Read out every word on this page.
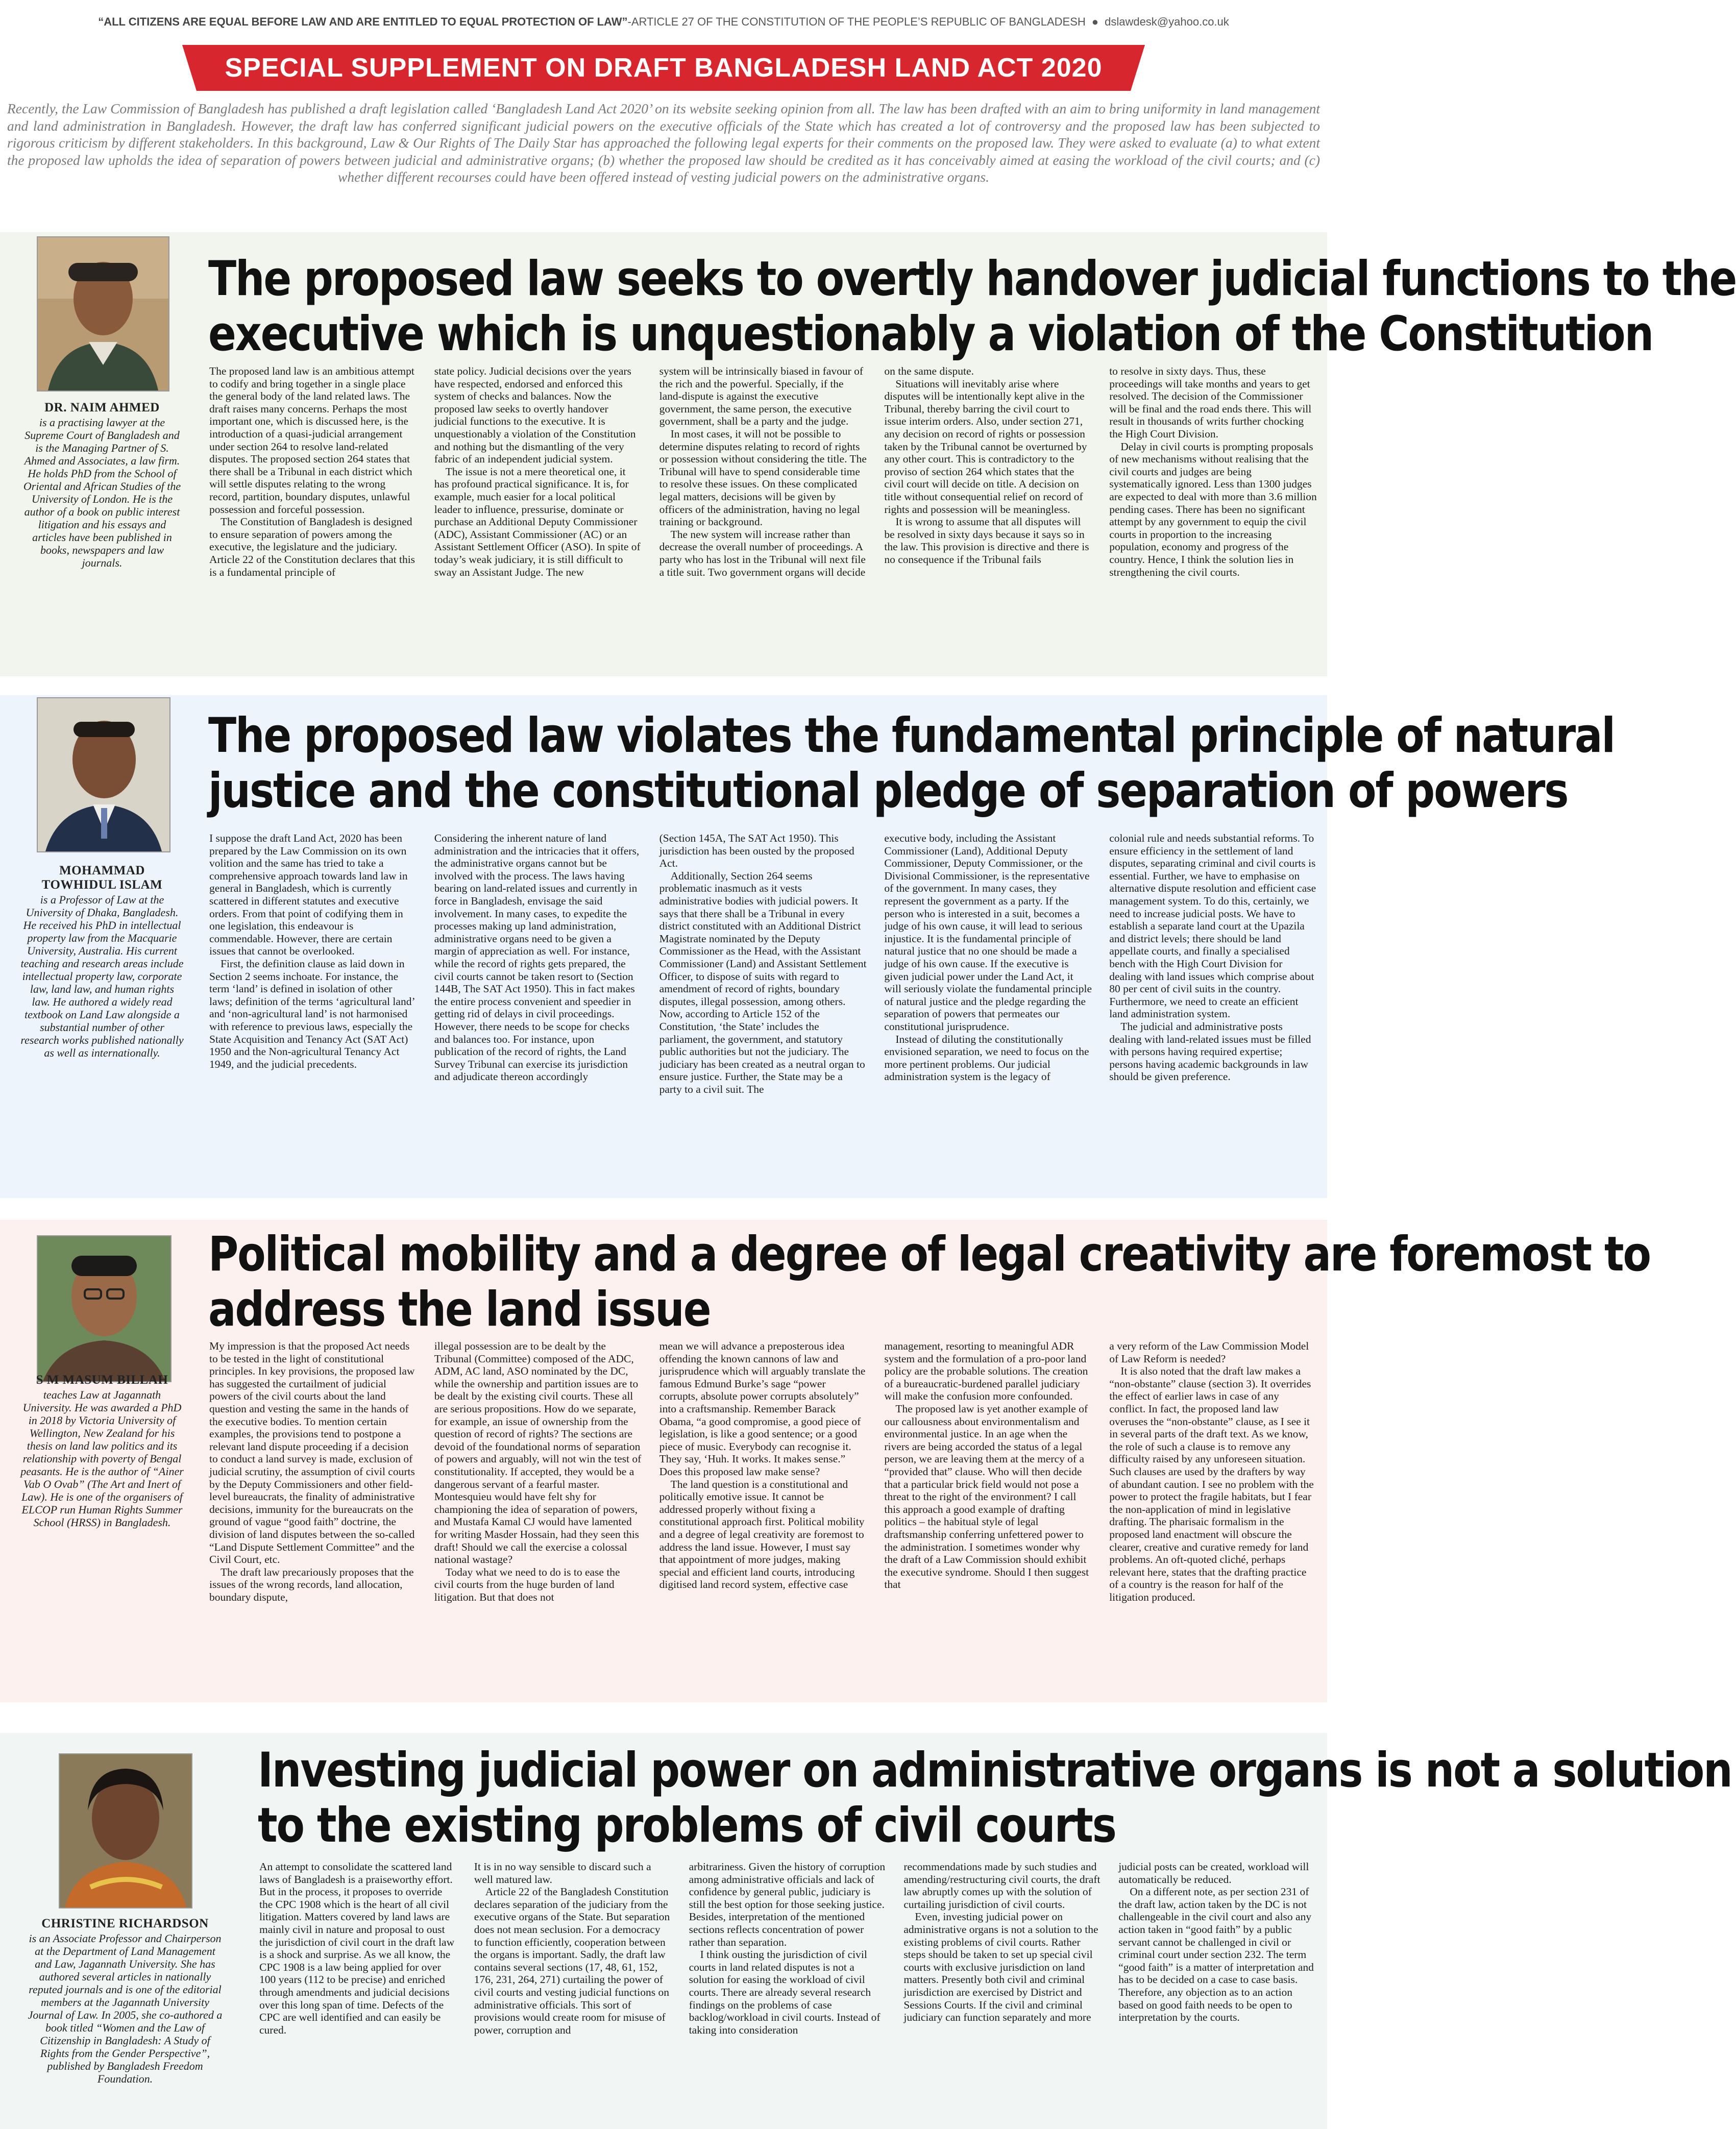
“ALL CITIZENS ARE EQUAL BEFORE LAW AND ARE ENTITLED TO EQUAL PROTECTION OF LAW”-ARTICLE 27 OF THE CONSTITUTION OF THE PEOPLE’S REPUBLIC OF BANGLADESH ● dslawdesk@yahoo.co.uk
SPECIAL SUPPLEMENT ON DRAFT BANGLADESH LAND ACT 2020
Recently, the Law Commission of Bangladesh has published a draft legislation called ‘Bangladesh Land Act 2020’ on its website seeking opinion from all. The law has been drafted with an aim to bring uniformity in land management and land administration in Bangladesh. However, the draft law has conferred significant judicial powers on the executive officials of the State which has created a lot of controversy and the proposed law has been subjected to rigorous criticism by different stakeholders. In this background, Law & Our Rights of The Daily Star has approached the following legal experts for their comments on the proposed law. They were asked to evaluate (a) to what extent the proposed law upholds the idea of separation of powers between judicial and administrative organs; (b) whether the proposed law should be credited as it has conceivably aimed at easing the workload of the civil courts; and (c) whether different recourses could have been offered instead of vesting judicial powers on the administrative organs.
DR. NAIM AHMED
is a practising lawyer at the Supreme Court of Bangladesh and is the Managing Partner of S. Ahmed and Associates, a law firm. He holds PhD from the School of Oriental and African Studies of the University of London. He is the author of a book on public interest litigation and his essays and articles have been published in books, newspapers and law journals.
The proposed law seeks to overtly handover judicial functions to the
executive which is unquestionably a violation of the Constitution

The proposed land law is an ambitious attempt to codify and bring together in a single place the general body of the land related laws. The draft raises many concerns. Perhaps the most important one, which is discussed here, is the introduction of a quasi-judicial arrangement under section 264 to resolve land-related disputes. The proposed section 264 states that there shall be a Tribunal in each district which will settle disputes relating to the wrong record, partition, boundary disputes, unlawful possession and forceful possession.

The Constitution of Bangladesh is designed to ensure separation of powers among the executive, the legislature and the judiciary. Article 22 of the Constitution declares that this is a fundamental principle of

state policy. Judicial decisions over the years have respected, endorsed and enforced this system of checks and balances. Now the proposed law seeks to overtly handover judicial functions to the executive. It is unquestionably a violation of the Constitution and nothing but the dismantling of the very fabric of an independent judicial system.

The issue is not a mere theoretical one, it has profound practical significance. It is, for example, much easier for a local political leader to influence, pressurise, dominate or purchase an Additional Deputy Commissioner (ADC), Assistant Commissioner (AC) or an Assistant Settlement Officer (ASO). In spite of today’s weak judiciary, it is still difficult to sway an Assistant Judge. The new

system will be intrinsically biased in favour of the rich and the powerful. Specially, if the land-dispute is against the executive government, the same person, the executive government, shall be a party and the judge.

In most cases, it will not be possible to determine disputes relating to record of rights or possession without considering the title. The Tribunal will have to spend considerable time to resolve these issues. On these complicated legal matters, decisions will be given by officers of the administration, having no legal training or background.

The new system will increase rather than decrease the overall number of proceedings. A party who has lost in the Tribunal will next file a title suit. Two government organs will decide

on the same dispute.

Situations will inevitably arise where disputes will be intentionally kept alive in the Tribunal, thereby barring the civil court to issue interim orders. Also, under section 271, any decision on record of rights or possession taken by the Tribunal cannot be overturned by any other court. This is contradictory to the proviso of section 264 which states that the civil court will decide on title. A decision on title without consequential relief on record of rights and possession will be meaningless.

It is wrong to assume that all disputes will be resolved in sixty days because it says so in the law. This provision is directive and there is no consequence if the Tribunal fails

to resolve in sixty days. Thus, these proceedings will take months and years to get resolved. The decision of the Commissioner will be final and the road ends there. This will result in thousands of writs further chocking the High Court Division.

Delay in civil courts is prompting proposals of new mechanisms without realising that the civil courts and judges are being systematically ignored. Less than 1300 judges are expected to deal with more than 3.6 million pending cases. There has been no significant attempt by any government to equip the civil courts in proportion to the increasing population, economy and progress of the country. Hence, I think the solution lies in strengthening the civil courts.

MOHAMMAD TOWHIDUL ISLAM
is a Professor of Law at the University of Dhaka, Bangladesh. He received his PhD in intellectual property law from the Macquarie University, Australia. His current teaching and research areas include intellectual property law, corporate law, land law, and human rights law. He authored a widely read textbook on Land Law alongside a substantial number of other research works published nationally as well as internationally.
The proposed law violates the fundamental principle of natural
justice and the constitutional pledge of separation of powers

I suppose the draft Land Act, 2020 has been prepared by the Law Commission on its own volition and the same has tried to take a comprehensive approach towards land law in general in Bangladesh, which is currently scattered in different statutes and executive orders. From that point of codifying them in one legislation, this endeavour is commendable. However, there are certain issues that cannot be overlooked.

First, the definition clause as laid down in Section 2 seems inchoate. For instance, the term ‘land’ is defined in isolation of other laws; definition of the terms ‘agricultural land’ and ‘non-agricultural land’ is not harmonised with reference to previous laws, especially the State Acquisition and Tenancy Act (SAT Act) 1950 and the Non-agricultural Tenancy Act 1949, and the judicial precedents.

Considering the inherent nature of land administration and the intricacies that it offers, the administrative organs cannot but be involved with the process. The laws having bearing on land-related issues and currently in force in Bangladesh, envisage the said involvement. In many cases, to expedite the processes making up land administration, administrative organs need to be given a margin of appreciation as well. For instance, while the record of rights gets prepared, the civil courts cannot be taken resort to (Section 144B, The SAT Act 1950). This in fact makes the entire process convenient and speedier in getting rid of delays in civil proceedings. However, there needs to be scope for checks and balances too. For instance, upon publication of the record of rights, the Land Survey Tribunal can exercise its jurisdiction and adjudicate thereon accordingly

(Section 145A, The SAT Act 1950). This jurisdiction has been ousted by the proposed Act.

Additionally, Section 264 seems problematic inasmuch as it vests administrative bodies with judicial powers. It says that there shall be a Tribunal in every district constituted with an Additional District Magistrate nominated by the Deputy Commissioner as the Head, with the Assistant Commissioner (Land) and Assistant Settlement Officer, to dispose of suits with regard to amendment of record of rights, boundary disputes, illegal possession, among others. Now, according to Article 152 of the Constitution, ‘the State’ includes the parliament, the government, and statutory public authorities but not the judiciary. The judiciary has been created as a neutral organ to ensure justice. Further, the State may be a party to a civil suit. The

executive body, including the Assistant Commissioner (Land), Additional Deputy Commissioner, Deputy Commissioner, or the Divisional Commissioner, is the representative of the government. In many cases, they represent the government as a party. If the person who is interested in a suit, becomes a judge of his own cause, it will lead to serious injustice. It is the fundamental principle of natural justice that no one should be made a judge of his own cause. If the executive is given judicial power under the Land Act, it will seriously violate the fundamental principle of natural justice and the pledge regarding the separation of powers that permeates our constitutional jurisprudence.

Instead of diluting the constitutionally envisioned separation, we need to focus on the more pertinent problems. Our judicial administration system is the legacy of

colonial rule and needs substantial reforms. To ensure efficiency in the settlement of land disputes, separating criminal and civil courts is essential. Further, we have to emphasise on alternative dispute resolution and efficient case management system. To do this, certainly, we need to increase judicial posts. We have to establish a separate land court at the Upazila and district levels; there should be land appellate courts, and finally a specialised bench with the High Court Division for dealing with land issues which comprise about 80 per cent of civil suits in the country. Furthermore, we need to create an efficient land administration system.

The judicial and administrative posts dealing with land-related issues must be filled with persons having required expertise; persons having academic backgrounds in law should be given preference.

S M MASUM BILLAH
teaches Law at Jagannath University. He was awarded a PhD in 2018 by Victoria University of Wellington, New Zealand for his thesis on land law politics and its relationship with poverty of Bengal peasants. He is the author of “Ainer Vab O Ovab” (The Art and Inert of Law). He is one of the organisers of ELCOP run Human Rights Summer School (HRSS) in Bangladesh.
Political mobility and a degree of legal creativity are foremost to
address the land issue

My impression is that the proposed Act needs to be tested in the light of constitutional principles. In key provisions, the proposed law has suggested the curtailment of judicial powers of the civil courts about the land question and vesting the same in the hands of the executive bodies. To mention certain examples, the provisions tend to postpone a relevant land dispute proceeding if a decision to conduct a land survey is made, exclusion of judicial scrutiny, the assumption of civil courts by the Deputy Commissioners and other field-level bureaucrats, the finality of administrative decisions, immunity for the bureaucrats on the ground of vague “good faith” doctrine, the division of land disputes between the so-called “Land Dispute Settlement Committee” and the Civil Court, etc.

The draft law precariously proposes that the issues of the wrong records, land allocation, boundary dispute,

illegal possession are to be dealt by the Tribunal (Committee) composed of the ADC, ADM, AC land, ASO nominated by the DC, while the ownership and partition issues are to be dealt by the existing civil courts. These all are serious propositions. How do we separate, for example, an issue of ownership from the question of record of rights? The sections are devoid of the foundational norms of separation of powers and arguably, will not win the test of constitutionality. If accepted, they would be a dangerous servant of a fearful master. Montesquieu would have felt shy for championing the idea of separation of powers, and Mustafa Kamal CJ would have lamented for writing Masder Hossain, had they seen this draft! Should we call the exercise a colossal national wastage?

Today what we need to do is to ease the civil courts from the huge burden of land litigation. But that does not

mean we will advance a preposterous idea offending the known cannons of law and jurisprudence which will arguably translate the famous Edmund Burke’s sage “power corrupts, absolute power corrupts absolutely” into a craftsmanship. Remember Barack Obama, “a good compromise, a good piece of legislation, is like a good sentence; or a good piece of music. Everybody can recognise it. They say, ‘Huh. It works. It makes sense.” Does this proposed law make sense?

The land question is a constitutional and politically emotive issue. It cannot be addressed properly without fixing a constitutional approach first. Political mobility and a degree of legal creativity are foremost to address the land issue. However, I must say that appointment of more judges, making special and efficient land courts, introducing digitised land record system, effective case

management, resorting to meaningful ADR system and the formulation of a pro-poor land policy are the probable solutions. The creation of a bureaucratic-burdened parallel judiciary will make the confusion more confounded.

The proposed law is yet another example of our callousness about environmentalism and environmental justice. In an age when the rivers are being accorded the status of a legal person, we are leaving them at the mercy of a “provided that” clause. Who will then decide that a particular brick field would not pose a threat to the right of the environment? I call this approach a good example of drafting politics – the habitual style of legal draftsmanship conferring unfettered power to the administration. I sometimes wonder why the draft of a Law Commission should exhibit the executive syndrome. Should I then suggest that

a very reform of the Law Commission Model of Law Reform is needed?

It is also noted that the draft law makes a “non-obstante” clause (section 3). It overrides the effect of earlier laws in case of any conflict. In fact, the proposed land law overuses the “non-obstante” clause, as I see it in several parts of the draft text. As we know, the role of such a clause is to remove any difficulty raised by any unforeseen situation. Such clauses are used by the drafters by way of abundant caution. I see no problem with the power to protect the fragile habitats, but I fear the non-application of mind in legislative drafting. The pharisaic formalism in the proposed land enactment will obscure the clearer, creative and curative remedy for land problems. An oft-quoted cliché, perhaps relevant here, states that the drafting practice of a country is the reason for half of the litigation produced.

CHRISTINE RICHARDSON
is an Associate Professor and Chairperson at the Department of Land Management and Law, Jagannath University. She has authored several articles in nationally reputed journals and is one of the editorial members at the Jagannath University Journal of Law. In 2005, she co-authored a book titled “Women and the Law of Citizenship in Bangladesh: A Study of Rights from the Gender Perspective”, published by Bangladesh Freedom Foundation.
Investing judicial power on administrative organs is not a solution
to the existing problems of civil courts

An attempt to consolidate the scattered land laws of Bangladesh is a praiseworthy effort. But in the process, it proposes to override the CPC 1908 which is the heart of all civil litigation. Matters covered by land laws are mainly civil in nature and proposal to oust the jurisdiction of civil court in the draft law is a shock and surprise. As we all know, the CPC 1908 is a law being applied for over 100 years (112 to be precise) and enriched through amendments and judicial decisions over this long span of time. Defects of the CPC are well identified and can easily be cured.

It is in no way sensible to discard such a well matured law.

Article 22 of the Bangladesh Constitution declares separation of the judiciary from the executive organs of the State. But separation does not mean seclusion. For a democracy to function efficiently, cooperation between the organs is important. Sadly, the draft law contains several sections (17, 48, 61, 152, 176, 231, 264, 271) curtailing the power of civil courts and vesting judicial functions on administrative officials. This sort of provisions would create room for misuse of power, corruption and

arbitrariness. Given the history of corruption among administrative officials and lack of confidence by general public, judiciary is still the best option for those seeking justice. Besides, interpretation of the mentioned sections reflects concentration of power rather than separation.

I think ousting the jurisdiction of civil courts in land related disputes is not a solution for easing the workload of civil courts. There are already several research findings on the problems of case backlog/workload in civil courts. Instead of taking into consideration

recommendations made by such studies and amending/restructuring civil courts, the draft law abruptly comes up with the solution of curtailing jurisdiction of civil courts.

Even, investing judicial power on administrative organs is not a solution to the existing problems of civil courts. Rather steps should be taken to set up special civil courts with exclusive jurisdiction on land matters. Presently both civil and criminal jurisdiction are exercised by District and Sessions Courts. If the civil and criminal judiciary can function separately and more

judicial posts can be created, workload will automatically be reduced.

On a different note, as per section 231 of the draft law, action taken by the DC is not challengeable in the civil court and also any action taken in “good faith” by a public servant cannot be challenged in civil or criminal court under section 232. The term “good faith” is a matter of interpretation and has to be decided on a case to case basis. Therefore, any objection as to an action based on good faith needs to be open to interpretation by the courts.
